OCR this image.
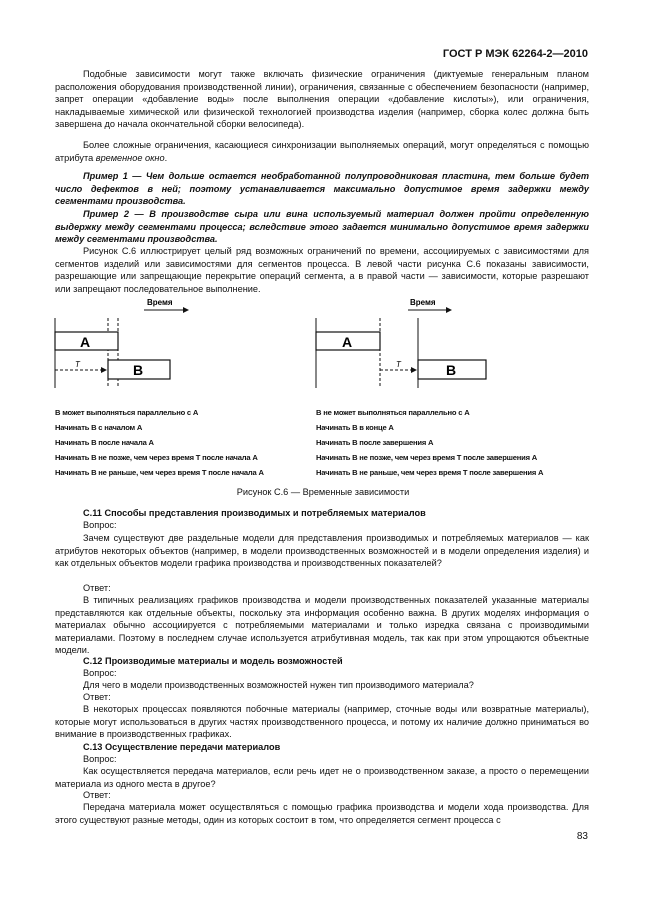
ГОСТ Р МЭК 62264-2—2010

Подобные зависимости могут также включать физические ограничения (диктуемые генеральным планом расположения оборудования производственной линии), ограничения, связанные с обеспечением безопасности (например, запрет операции «добавление воды» после выполнения операции «добавление кислоты»), или ограничения, накладываемые химической или физической технологией производства изделия (например, сборка колес должна быть завершена до начала окончательной сборки велосипеда).

Более сложные ограничения, касающиеся синхронизации выполняемых операций, могут определяться с помощью атрибута временное окно.

Пример 1 — Чем дольше остается необработанной полупроводниковая пластина, тем больше будет число дефектов в ней; поэтому устанавливается максимально допустимое время задержки между сегментами производства.

Пример 2 — В производстве сыра или вина используемый материал должен пройти определенную выдержку между сегментами процесса; вследствие этого задается минимально допустимое время задержки между сегментами производства.

Рисунок С.6 иллюстрирует целый ряд возможных ограничений по времени, ассоциируемых с зависимостями для сегментов изделий или зависимостями для сегментов процесса. В левой части рисунка С.6 показаны зависимости, разрешающие или запрещающие перекрытие операций сегмента, а в правой части — зависимости, которые разрешают или запрещают последовательное выполнение.

Время	Время
A	A
B	B
T	T
B может выполняться параллельно с A
Начинать B с началом A
Начинать B после начала A
Начинать B не позже, чем через время T после начала A
Начинать B не раньше, чем через время T после начала A
B не может выполняться параллельно с A
Начинать B в конце A
Начинать B после завершения A
Начинать B не позже, чем через время T после завершения A
Начинать B не раньше, чем через время T после завершения A
Рисунок С.6 — Временные зависимости

С.11 Способы представления производимых и потребляемых материалов

Вопрос:

Зачем существуют две раздельные модели для представления производимых и потребляемых материалов — как атрибутов некоторых объектов (например, в модели производственных возможностей и в модели определения изделия) и как отдельных объектов модели графика производства и производственных показателей?

Ответ:

В типичных реализациях графиков производства и модели производственных показателей указанные материалы представляются как отдельные объекты, поскольку эта информация особенно важна. В других моделях информация о материалах обычно ассоциируется с потребляемыми материалами и только изредка связана с производимыми материалами. Поэтому в последнем случае используется атрибутивная модель, так как при этом упрощаются объектные модели.

С.12 Производимые материалы и модель возможностей

Вопрос:

Для чего в модели производственных возможностей нужен тип производимого материала?

Ответ:

В некоторых процессах появляются побочные материалы (например, сточные воды или возвратные материалы), которые могут использоваться в других частях производственного процесса, и потому их наличие должно приниматься во внимание в производственных графиках.

С.13 Осуществление передачи материалов

Вопрос:

Как осуществляется передача материалов, если речь идет не о производственном заказе, а просто о перемещении материала из одного места в другое?

Ответ:

Передача материала может осуществляться с помощью графика производства и модели хода производства. Для этого существуют разные методы, один из которых состоит в том, что определяется сегмент процесса с

83
